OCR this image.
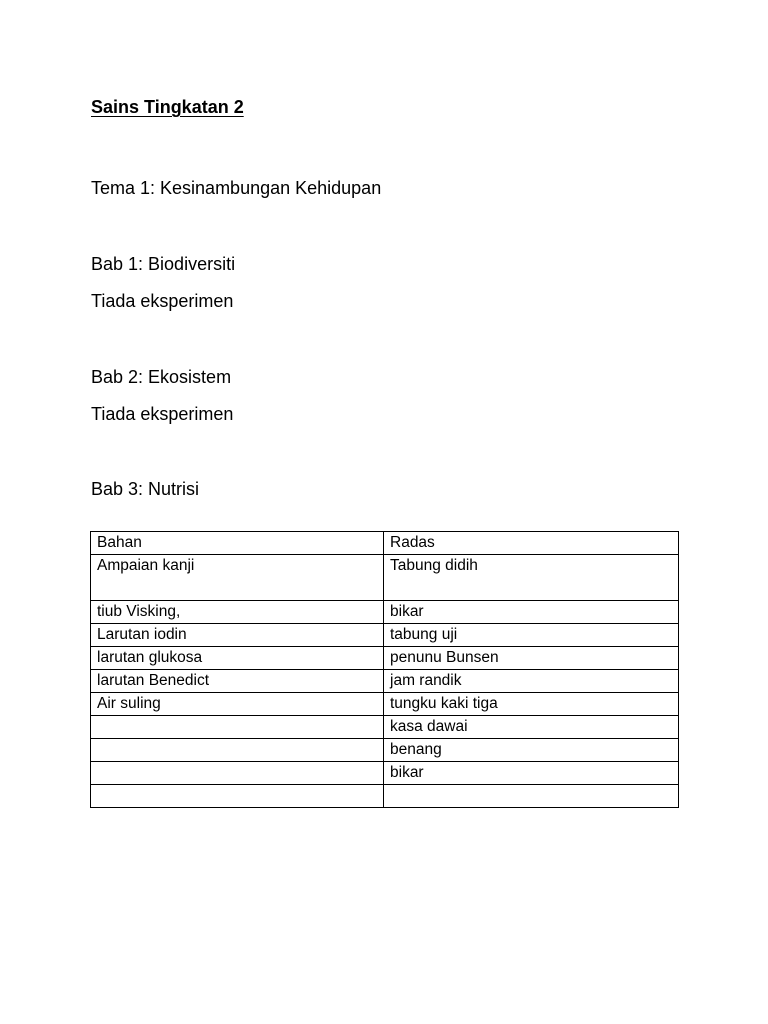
Sains Tingkatan 2

Tema 1: Kesinambungan Kehidupan

Bab 1: Biodiversiti

Tiada eksperimen

Bab 2: Ekosistem

Tiada eksperimen

Bab 3: Nutrisi

Bahan	Radas
Ampaian kanji	Tabung didih
tiub Visking,	bikar
Larutan iodin	tabung uji
larutan glukosa	penunu Bunsen
larutan Benedict	jam randik
Air suling	tungku kaki tiga
	kasa dawai
	benang
	bikar
